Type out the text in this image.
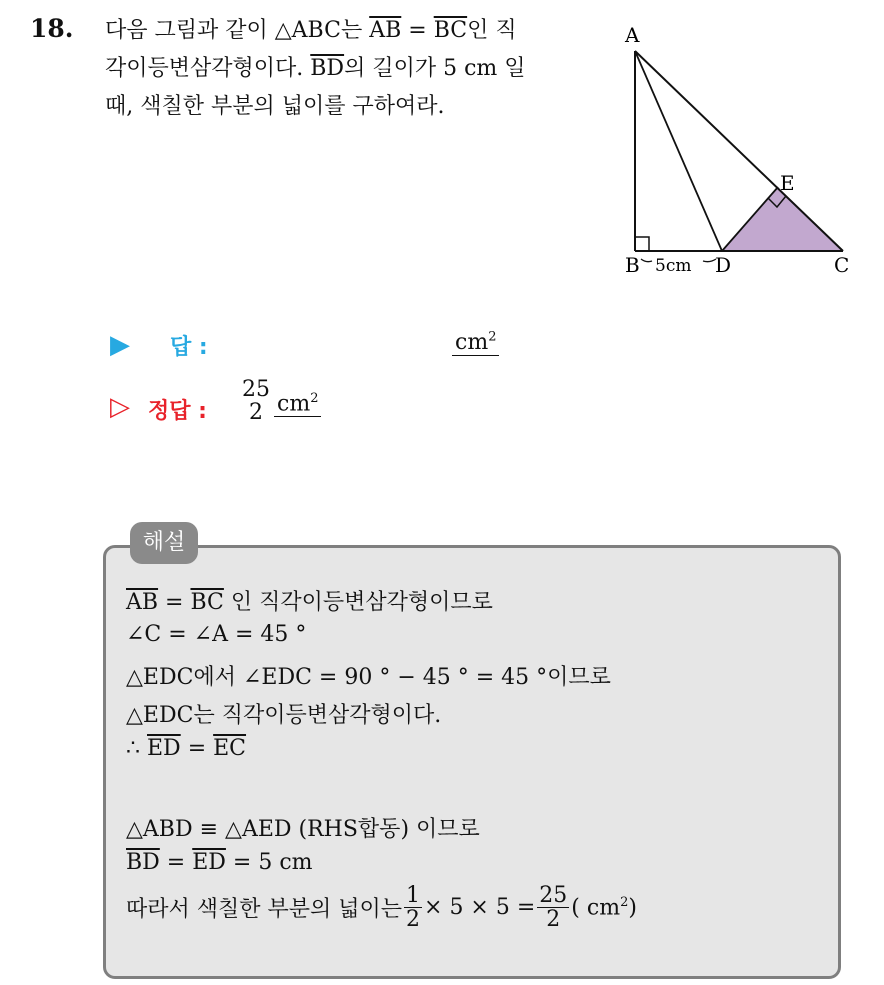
18. 다음 그림과 같이 △ABC는 $\overline{AB} = \overline{BC}$인 직
각이등변삼각형이다. $\overline{BD}$의 길이가 5 cm 일
때, 색칠한 부분의 넓이를 구하여라.
A
B	C
D
E
5cm
▶ 답 :	$cm^2$
▷ 정답 :
25
2 $cm^2$
해설
$\overline{AB} = \overline{BC}$ 인 직각이등변삼각형이므로
∠C = ∠A = 45 °
△EDC에서 ∠EDC = 90 ° − 45 ° = 45 °이므로
△EDC는 직각이등변삼각형이다.
∴ $\overline{ED} = \overline{EC}$
△ABD ≡ △AED (RHS합동) 이므로
$\overline{BD} = \overline{ED} = 5$ cm
따라서 색칠한 부분의 넓이는 $\frac{1}{2} \times 5 \times 5 = \frac{25}{2}$ ( $cm^2$)
